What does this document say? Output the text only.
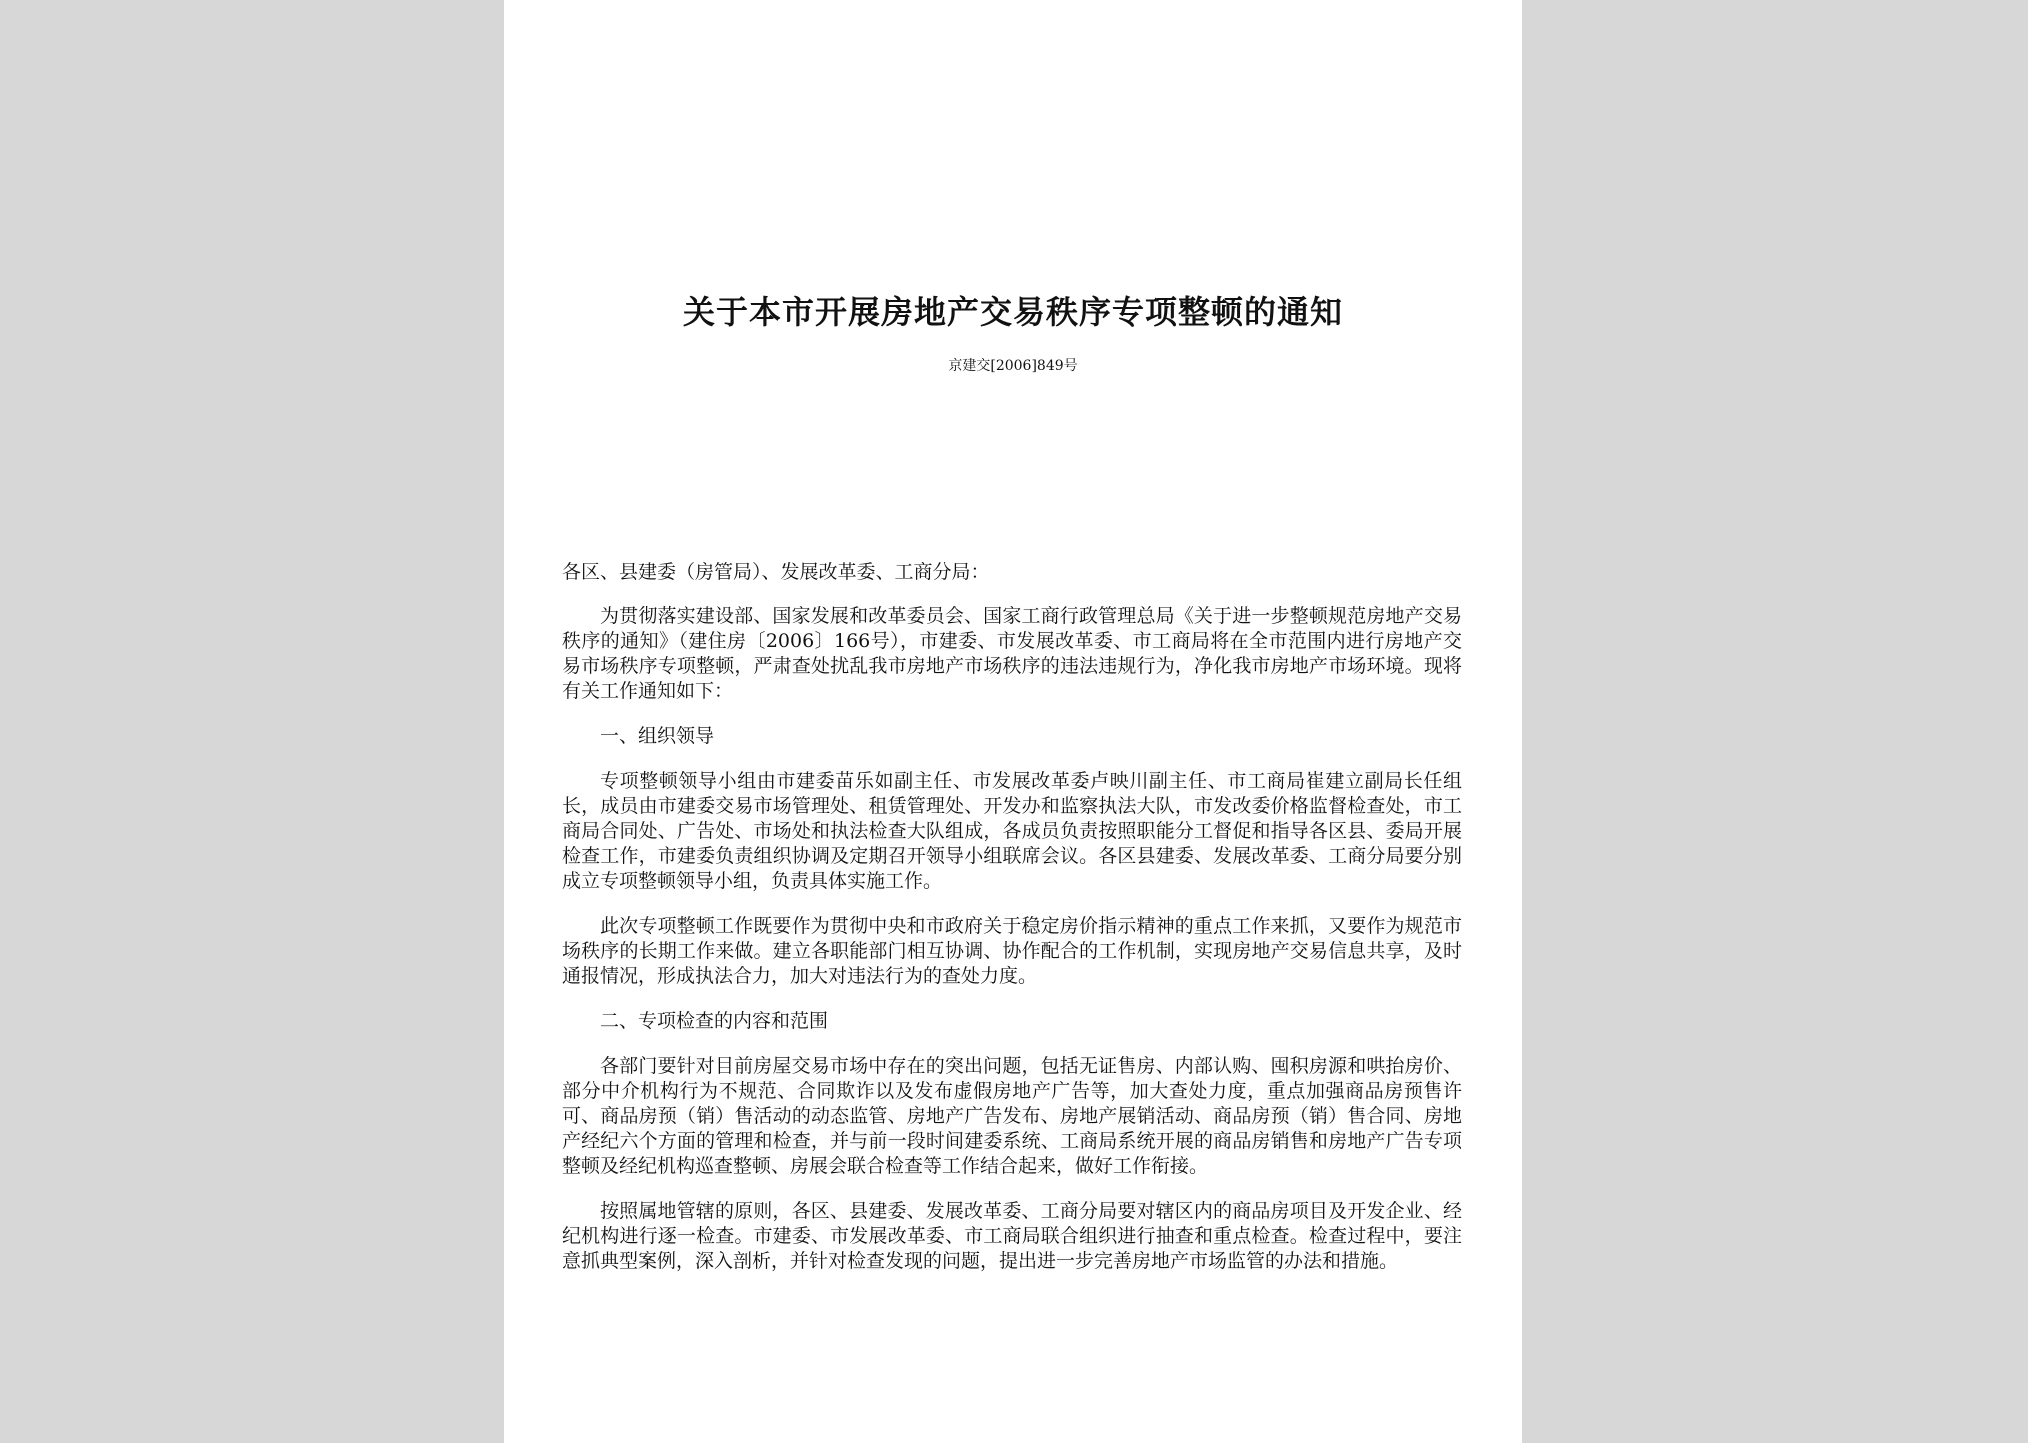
关于本市开展房地产交易秩序专项整顿的通知
京建交[2006]849号

各区、县建委（房管局）、发展改革委、工商分局：

为贯彻落实建设部、国家发展和改革委员会、国家工商行政管理总局《关于进一步整顿规范房地产交易秩序的通知》（建住房〔2006〕166号），市建委、市发展改革委、市工商局将在全市范围内进行房地产交易市场秩序专项整顿，严肃查处扰乱我市房地产市场秩序的违法违规行为，净化我市房地产市场环境。现将有关工作通知如下：

一、组织领导

专项整顿领导小组由市建委苗乐如副主任、市发展改革委卢映川副主任、市工商局崔建立副局长任组长，成员由市建委交易市场管理处、租赁管理处、开发办和监察执法大队，市发改委价格监督检查处，市工商局合同处、广告处、市场处和执法检查大队组成，各成员负责按照职能分工督促和指导各区县、委局开展检查工作，市建委负责组织协调及定期召开领导小组联席会议。各区县建委、发展改革委、工商分局要分别成立专项整顿领导小组，负责具体实施工作。

此次专项整顿工作既要作为贯彻中央和市政府关于稳定房价指示精神的重点工作来抓，又要作为规范市场秩序的长期工作来做。建立各职能部门相互协调、协作配合的工作机制，实现房地产交易信息共享，及时通报情况，形成执法合力，加大对违法行为的查处力度。

二、专项检查的内容和范围

各部门要针对目前房屋交易市场中存在的突出问题，包括无证售房、内部认购、囤积房源和哄抬房价、部分中介机构行为不规范、合同欺诈以及发布虚假房地产广告等，加大查处力度，重点加强商品房预售许可、商品房预（销）售活动的动态监管、房地产广告发布、房地产展销活动、商品房预（销）售合同、房地产经纪六个方面的管理和检查，并与前一段时间建委系统、工商局系统开展的商品房销售和房地产广告专项整顿及经纪机构巡查整顿、房展会联合检查等工作结合起来，做好工作衔接。

按照属地管辖的原则，各区、县建委、发展改革委、工商分局要对辖区内的商品房项目及开发企业、经纪机构进行逐一检查。市建委、市发展改革委、市工商局联合组织进行抽查和重点检查。检查过程中，要注意抓典型案例，深入剖析，并针对检查发现的问题，提出进一步完善房地产市场监管的办法和措施。
